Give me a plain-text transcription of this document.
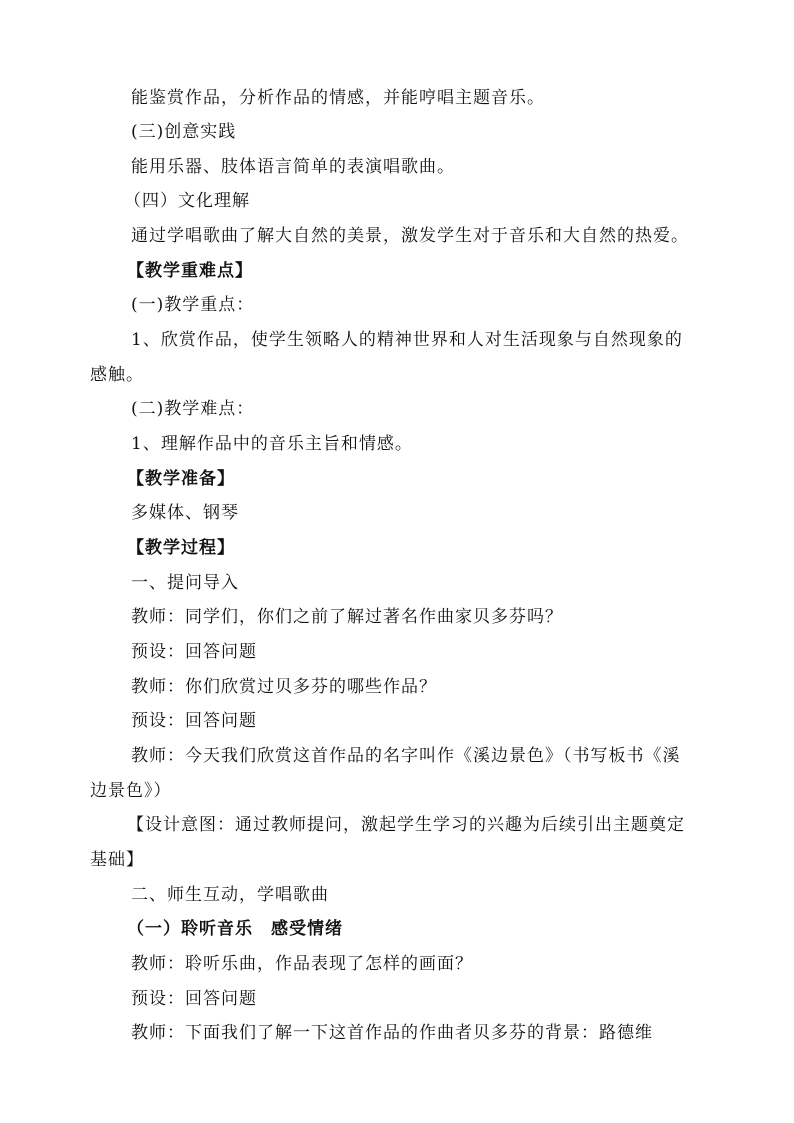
能鉴赏作品，分析作品的情感，并能哼唱主题音乐。
(三)创意实践
能用乐器、肢体语言简单的表演唱歌曲。
（四）文化理解
通过学唱歌曲了解大自然的美景，激发学生对于音乐和大自然的热爱。
【教学重难点】
(一)教学重点：
1、欣赏作品，使学生领略人的精神世界和人对生活现象与自然现象的
感触。
(二)教学难点：
1、理解作品中的音乐主旨和情感。
【教学准备】
多媒体、钢琴
【教学过程】
一、提问导入
教师：同学们，你们之前了解过著名作曲家贝多芬吗？
预设：回答问题
教师：你们欣赏过贝多芬的哪些作品？
预设：回答问题
教师：今天我们欣赏这首作品的名字叫作《溪边景色》（书写板书《溪
边景色》）
【设计意图：通过教师提问，激起学生学习的兴趣为后续引出主题奠定
基础】
二、师生互动，学唱歌曲
（一）聆听音乐　感受情绪
教师：聆听乐曲，作品表现了怎样的画面？
预设：回答问题
教师：下面我们了解一下这首作品的作曲者贝多芬的背景：路德维
